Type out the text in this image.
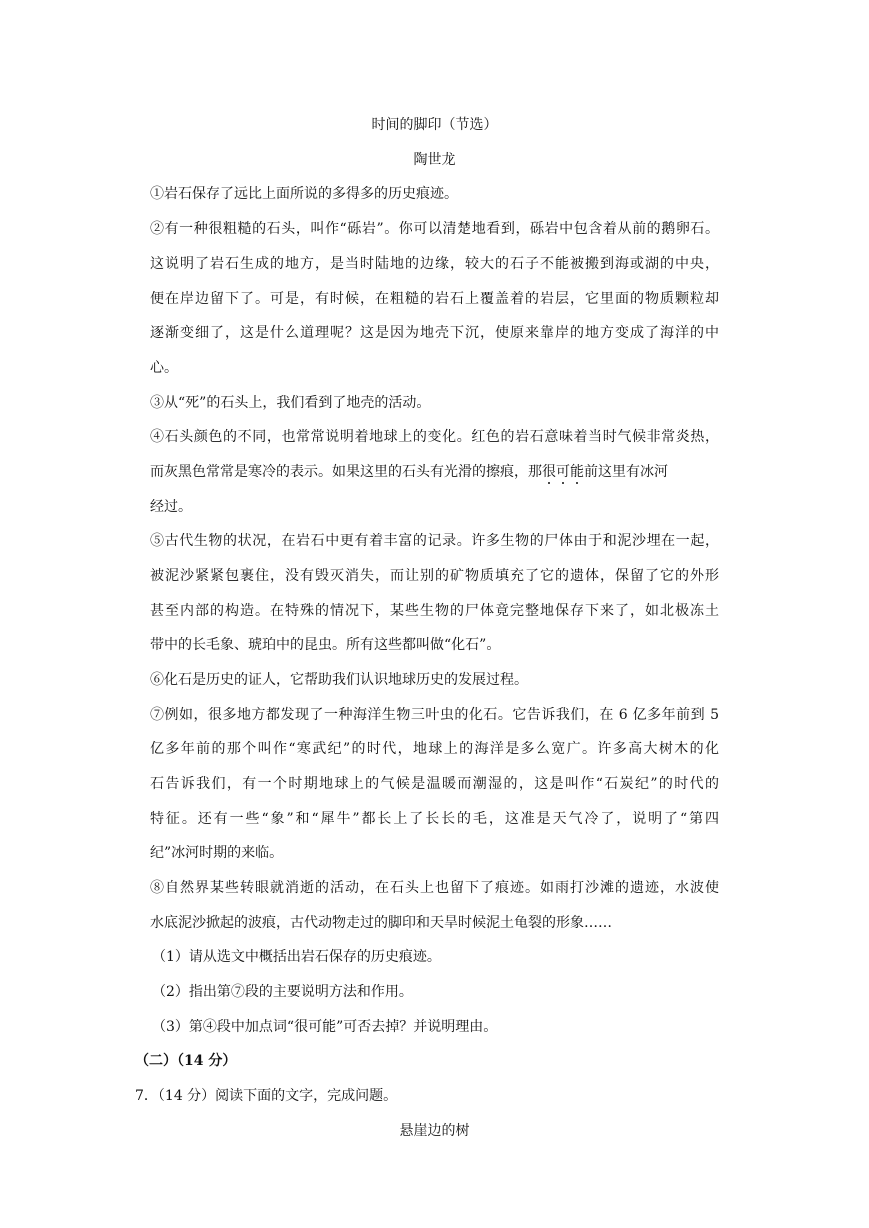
时间的脚印（节选）
陶世龙
①岩石保存了远比上面所说的多得多的历史痕迹。
②有一种很粗糙的石头，叫作“砾岩”。你可以清楚地看到，砾岩中包含着从前的鹅卵石。
这说明了岩石生成的地方，是当时陆地的边缘，较大的石子不能被搬到海或湖的中央，
便在岸边留下了。可是，有时候，在粗糙的岩石上覆盖着的岩层，它里面的物质颗粒却
逐渐变细了，这是什么道理呢？这是因为地壳下沉，使原来靠岸的地方变成了海洋的中
心。
③从“死”的石头上，我们看到了地壳的活动。
④石头颜色的不同，也常常说明着地球上的变化。红色的岩石意味着当时气候非常炎热，
而灰黑色常常是寒冷的表示。如果这里的石头有光滑的擦痕，那很可能前这里有冰河
经过。
⑤古代生物的状况，在岩石中更有着丰富的记录。许多生物的尸体由于和泥沙埋在一起，
被泥沙紧紧包裹住，没有毁灭消失，而让别的矿物质填充了它的遗体，保留了它的外形
甚至内部的构造。在特殊的情况下，某些生物的尸体竟完整地保存下来了，如北极冻土
带中的长毛象、琥珀中的昆虫。所有这些都叫做“化石”。
⑥化石是历史的证人，它帮助我们认识地球历史的发展过程。
⑦例如，很多地方都发现了一种海洋生物三叶虫的化石。它告诉我们，在 6 亿多年前到 5
亿多年前的那个叫作“寒武纪”的时代，地球上的海洋是多么宽广。许多高大树木的化
石告诉我们，有一个时期地球上的气候是温暖而潮湿的，这是叫作“石炭纪”的时代的
特征。还有一些“象”和“犀牛”都长上了长长的毛，这准是天气冷了，说明了“第四
纪”冰河时期的来临。
⑧自然界某些转眼就消逝的活动，在石头上也留下了痕迹。如雨打沙滩的遗迹，水波使
水底泥沙掀起的波痕，古代动物走过的脚印和天旱时候泥土龟裂的形象……
（1）请从选文中概括出岩石保存的历史痕迹。
（2）指出第⑦段的主要说明方法和作用。
（3）第④段中加点词“很可能”可否去掉？并说明理由。
（二）（14 分）
7．（14 分）阅读下面的文字，完成问题。
悬崖边的树
